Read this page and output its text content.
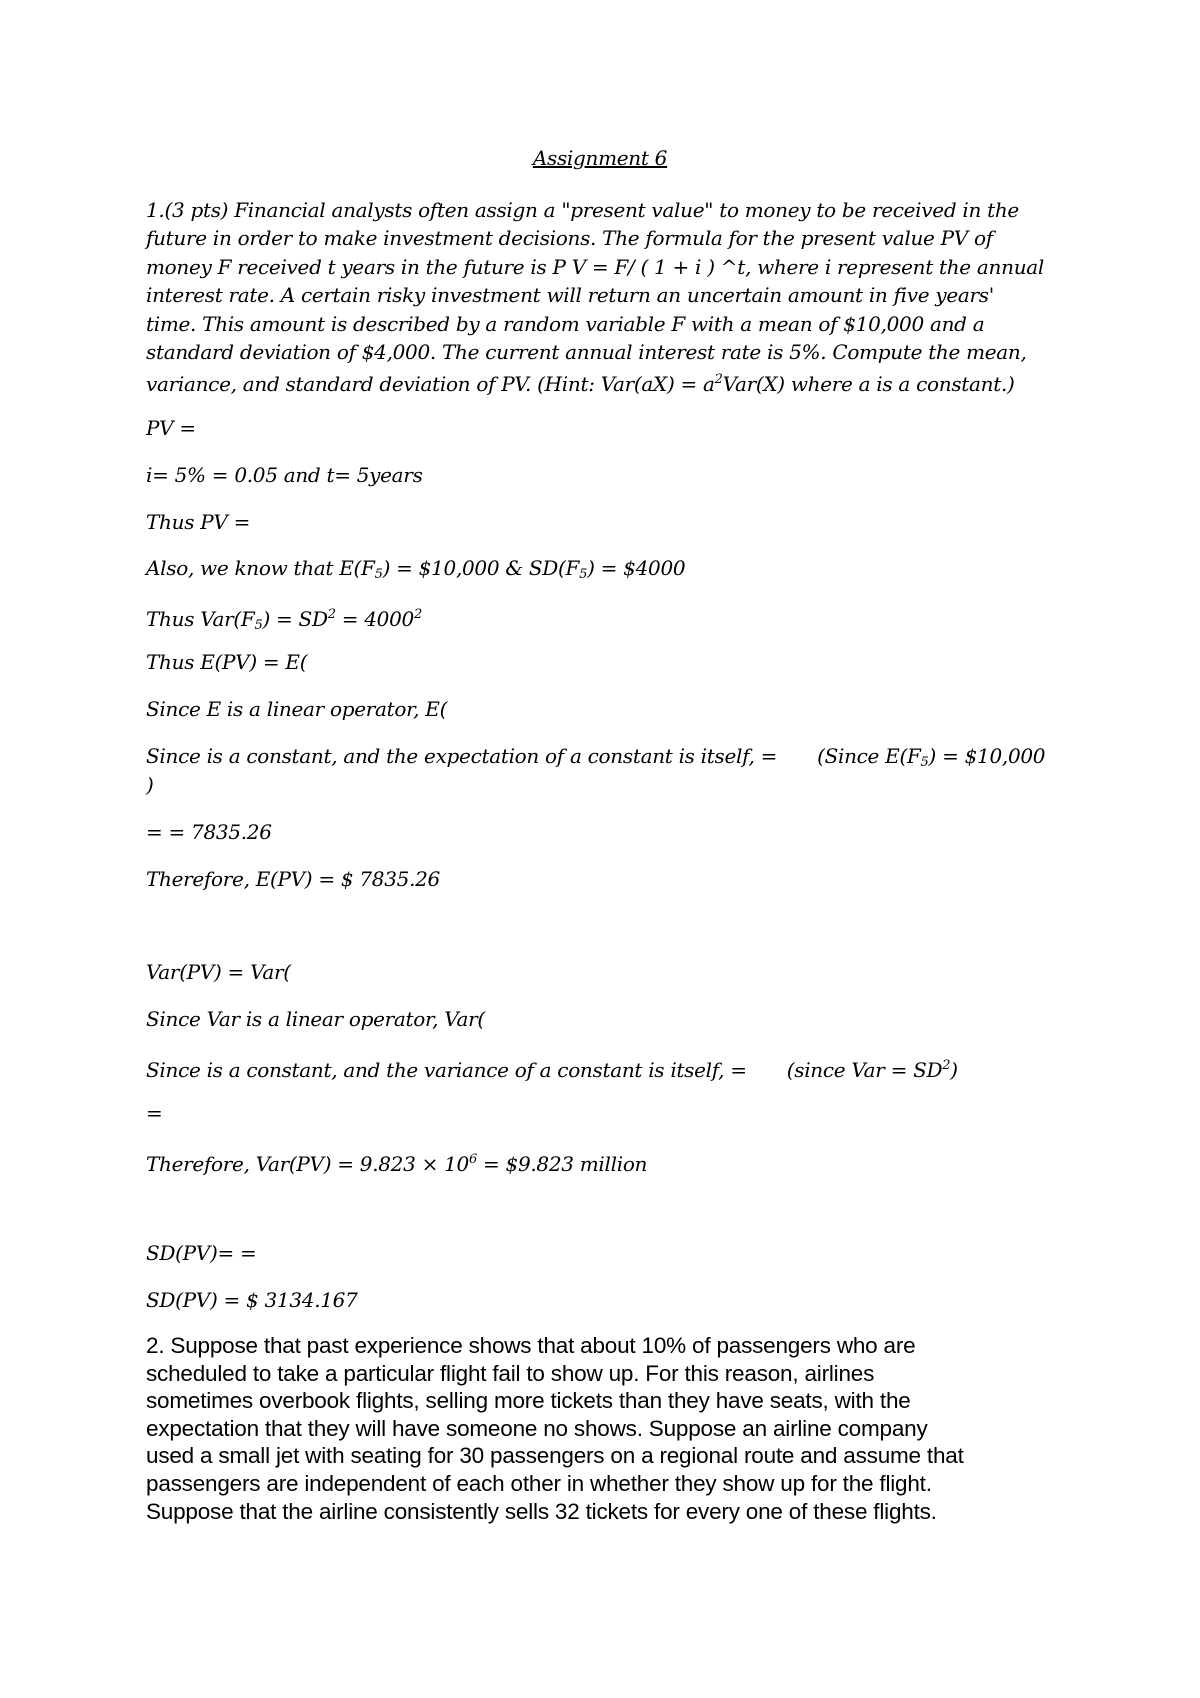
Assignment 6
1.(3 pts) Financial analysts often assign a "present value" to money to be received in the
future in order to make investment decisions. The formula for the present value PV of
money F received t years in the future is P V = F/ ( 1 + i ) ^t, where i represent the annual
interest rate. A certain risky investment will return an uncertain amount in five years'
time. This amount is described by a random variable F with a mean of $10,000 and a
standard deviation of $4,000. The current annual interest rate is 5%. Compute the mean,
variance, and standard deviation of PV. (Hint: $Var(aX) = a^2Var(X)$ where a is a constant.)
PV =
i= 5% = 0.05 and t= 5years
Thus PV =
Also, we know that $E(F_5)$ = $10,000 & $SD(F_5)$ = $4000
Thus $Var(F_5) = SD^2 = 4000^2$
Thus E(PV) = E(
Since E is a linear operator, E(
Since is a constant, and the expectation of a constant is itself, = (Since $E(F_5)$ = $10,000
)
= = 7835.26
Therefore, E(PV) = $ 7835.26
Var(PV) = Var(
Since Var is a linear operator, Var(
Since is a constant, and the variance of a constant is itself, = (since Var = $SD^2$)
=
Therefore, $Var(PV) = 9.823 \times 10^6$ = $9.823 million
SD(PV)= =
SD(PV) = $ 3134.167
2. Suppose that past experience shows that about 10% of passengers who are
scheduled to take a particular flight fail to show up. For this reason, airlines
sometimes overbook flights, selling more tickets than they have seats, with the
expectation that they will have someone no shows. Suppose an airline company
used a small jet with seating for 30 passengers on a regional route and assume that
passengers are independent of each other in whether they show up for the flight.
Suppose that the airline consistently sells 32 tickets for every one of these flights.
